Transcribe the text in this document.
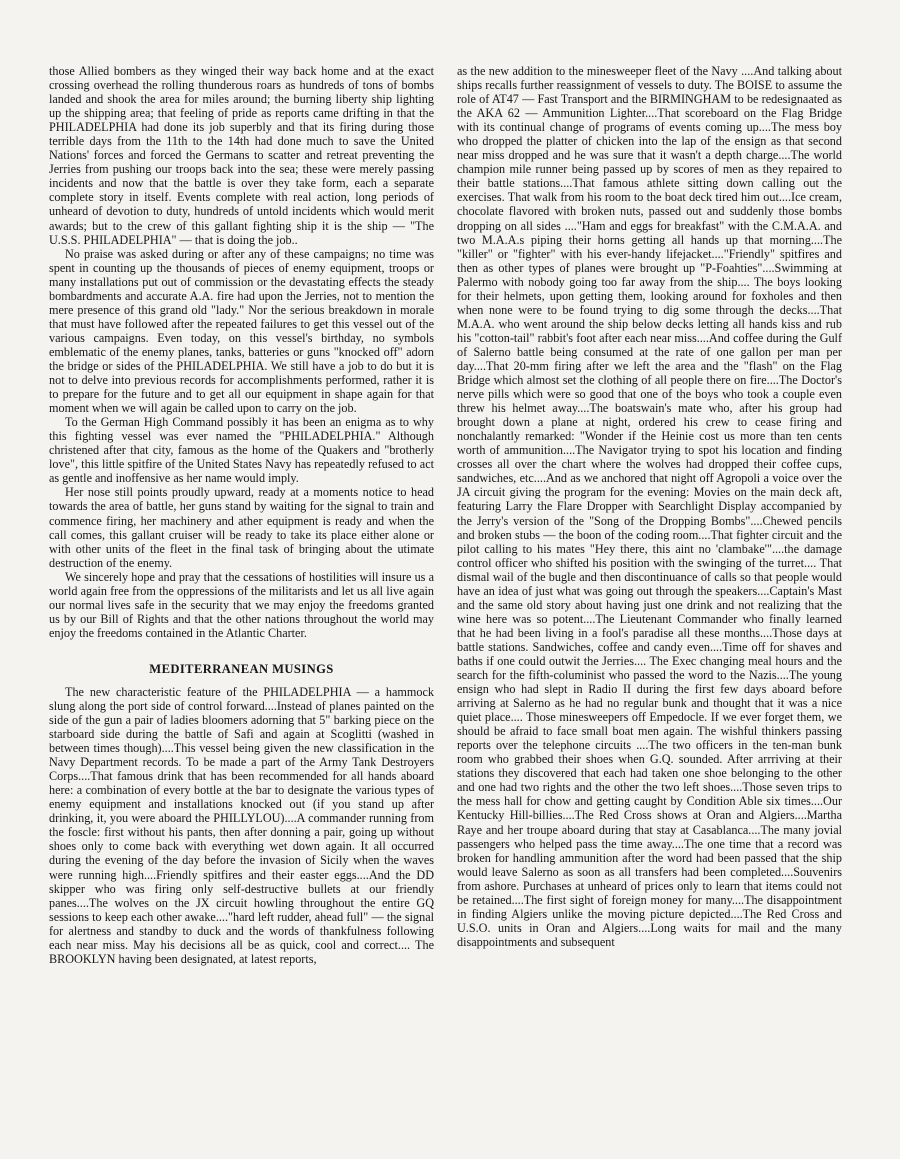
those Allied bombers as they winged their way back home and at the exact crossing overhead the rolling thunderous roars as hundreds of tons of bombs landed and shook the area for miles around; the burning liberty ship lighting up the shipping area; that feeling of pride as reports came drifting in that the PHILADELPHIA had done its job superbly and that its firing during those terrible days from the 11th to the 14th had done much to save the United Nations' forces and forced the Germans to scatter and retreat preventing the Jerries from pushing our troops back into the sea; these were merely passing incidents and now that the battle is over they take form, each a separate complete story in itself. Events complete with real action, long periods of unheard of devotion to duty, hundreds of untold incidents which would merit awards; but to the crew of this gallant fighting ship it is the ship — "The U.S.S. PHILADELPHIA" — that is doing the job..

No praise was asked during or after any of these campaigns; no time was spent in counting up the thousands of pieces of enemy equipment, troops or many installations put out of commission or the devastating effects the steady bombardments and accurate A.A. fire had upon the Jerries, not to mention the mere presence of this grand old "lady." Nor the serious breakdown in morale that must have followed after the repeated failures to get this vessel out of the various campaigns. Even today, on this vessel's birthday, no symbols emblematic of the enemy planes, tanks, batteries or guns "knocked off" adorn the bridge or sides of the PHILADELPHIA. We still have a job to do but it is not to delve into previous records for accomplishments performed, rather it is to prepare for the future and to get all our equipment in shape again for that moment when we will again be called upon to carry on the job.

To the German High Command possibly it has been an enigma as to why this fighting vessel was ever named the "PHILADELPHIA." Although christened after that city, famous as the home of the Quakers and "brotherly love", this little spitfire of the United States Navy has repeatedly refused to act as gentle and inoffensive as her name would imply.

Her nose still points proudly upward, ready at a moments notice to head towards the area of battle, her guns stand by waiting for the signal to train and commence firing, her machinery and ather equipment is ready and when the call comes, this gallant cruiser will be ready to take its place either alone or with other units of the fleet in the final task of bringing about the utimate destruction of the enemy.

We sincerely hope and pray that the cessations of hostilities will insure us a world again free from the oppressions of the militarists and let us all live again our normal lives safe in the security that we may enjoy the freedoms granted us by our Bill of Rights and that the other nations throughout the world may enjoy the freedoms contained in the Atlantic Charter.

MEDITERRANEAN MUSINGS

The new characteristic feature of the PHILADELPHIA — a hammock slung along the port side of control forward....Instead of planes painted on the side of the gun a pair of ladies bloomers adorning that 5" barking piece on the starboard side during the battle of Safi and again at Scoglitti (washed in between times though)....This vessel being given the new classification in the Navy Department records. To be made a part of the Army Tank Destroyers Corps....That famous drink that has been recommended for all hands aboard here: a combination of every bottle at the bar to designate the various types of enemy equipment and installations knocked out (if you stand up after drinking, it, you were aboard the PHILLYLOU)....A commander running from the foscle: first without his pants, then after donning a pair, going up without shoes only to come back with everything wet down again. It all occurred during the evening of the day before the invasion of Sicily when the waves were running high....Friendly spitfires and their easter eggs....And the DD skipper who was firing only self-destructive bullets at our friendly panes....The wolves on the JX circuit howling throughout the entire GQ sessions to keep each other awake...."hard left rudder, ahead full" — the signal for alertness and standby to duck and the words of thankfulness following each near miss. May his decisions all be as quick, cool and correct.... The BROOKLYN having been designated, at latest reports,

as the new addition to the minesweeper fleet of the Navy ....And talking about ships recalls further reassignment of vessels to duty. The BOISE to assume the role of AT47 — Fast Transport and the BIRMINGHAM to be redesignaated as the AKA 62 — Ammunition Lighter....That scoreboard on the Flag Bridge with its continual change of programs of events coming up....The mess boy who dropped the platter of chicken into the lap of the ensign as that second near miss dropped and he was sure that it wasn't a depth charge....The world champion mile runner being passed up by scores of men as they repaired to their battle stations....That famous athlete sitting down calling out the exercises. That walk from his room to the boat deck tired him out....Ice cream, chocolate flavored with broken nuts, passed out and suddenly those bombs dropping on all sides ...."Ham and eggs for breakfast" with the C.M.A.A. and two M.A.A.s piping their horns getting all hands up that morning....The "killer" or "fighter" with his ever-handy lifejacket...."Friendly" spitfires and then as other types of planes were brought up "P-Foahties"....Swimming at Palermo with nobody going too far away from the ship.... The boys looking for their helmets, upon getting them, looking around for foxholes and then when none were to be found trying to dig some through the decks....That M.A.A. who went around the ship below decks letting all hands kiss and rub his "cotton-tail" rabbit's foot after each near miss....And coffee during the Gulf of Salerno battle being consumed at the rate of one gallon per man per day....That 20-mm firing after we left the area and the "flash" on the Flag Bridge which almost set the clothing of all people there on fire....The Doctor's nerve pills which were so good that one of the boys who took a couple even threw his helmet away....The boatswain's mate who, after his group had brought down a plane at night, ordered his crew to cease firing and nonchalantly remarked: "Wonder if the Heinie cost us more than ten cents worth of ammunition....The Navigator trying to spot his location and finding crosses all over the chart where the wolves had dropped their coffee cups, sandwiches, etc....And as we anchored that night off Agropoli a voice over the JA circuit giving the program for the evening: Movies on the main deck aft, featuring Larry the Flare Dropper with Searchlight Display accompanied by the Jerry's version of the "Song of the Dropping Bombs"....Chewed pencils and broken stubs — the boon of the coding room....That fighter circuit and the pilot calling to his mates "Hey there, this aint no 'clambake'"....the damage control officer who shifted his position with the swinging of the turret.... That dismal wail of the bugle and then discontinuance of calls so that people would have an idea of just what was going out through the speakers....Captain's Mast and the same old story about having just one drink and not realizing that the wine here was so potent....The Lieutenant Commander who finally learned that he had been living in a fool's paradise all these months....Those days at battle stations. Sandwiches, coffee and candy even....Time off for shaves and baths if one could outwit the Jerries.... The Exec changing meal hours and the search for the fifth-columinist who passed the word to the Nazis....The young ensign who had slept in Radio II during the first few days aboard before arriving at Salerno as he had no regular bunk and thought that it was a nice quiet place.... Those minesweepers off Empedocle. If we ever forget them, we should be afraid to face small boat men again. The wishful thinkers passing reports over the telephone circuits ....The two officers in the ten-man bunk room who grabbed their shoes when G.Q. sounded. After arrriving at their stations they discovered that each had taken one shoe belonging to the other and one had two rights and the other the two left shoes....Those seven trips to the mess hall for chow and getting caught by Condition Able six times....Our Kentucky Hill-billies....The Red Cross shows at Oran and Algiers....Martha Raye and her troupe aboard during that stay at Casablanca....The many jovial passengers who helped pass the time away....The one time that a record was broken for handling ammunition after the word had been passed that the ship would leave Salerno as soon as all transfers had been completed....Souvenirs from ashore. Purchases at unheard of prices only to learn that items could not be retained....The first sight of foreign money for many....The disappointment in finding Algiers unlike the moving picture depicted....The Red Cross and U.S.O. units in Oran and Algiers....Long waits for mail and the many disappointments and subsequent
